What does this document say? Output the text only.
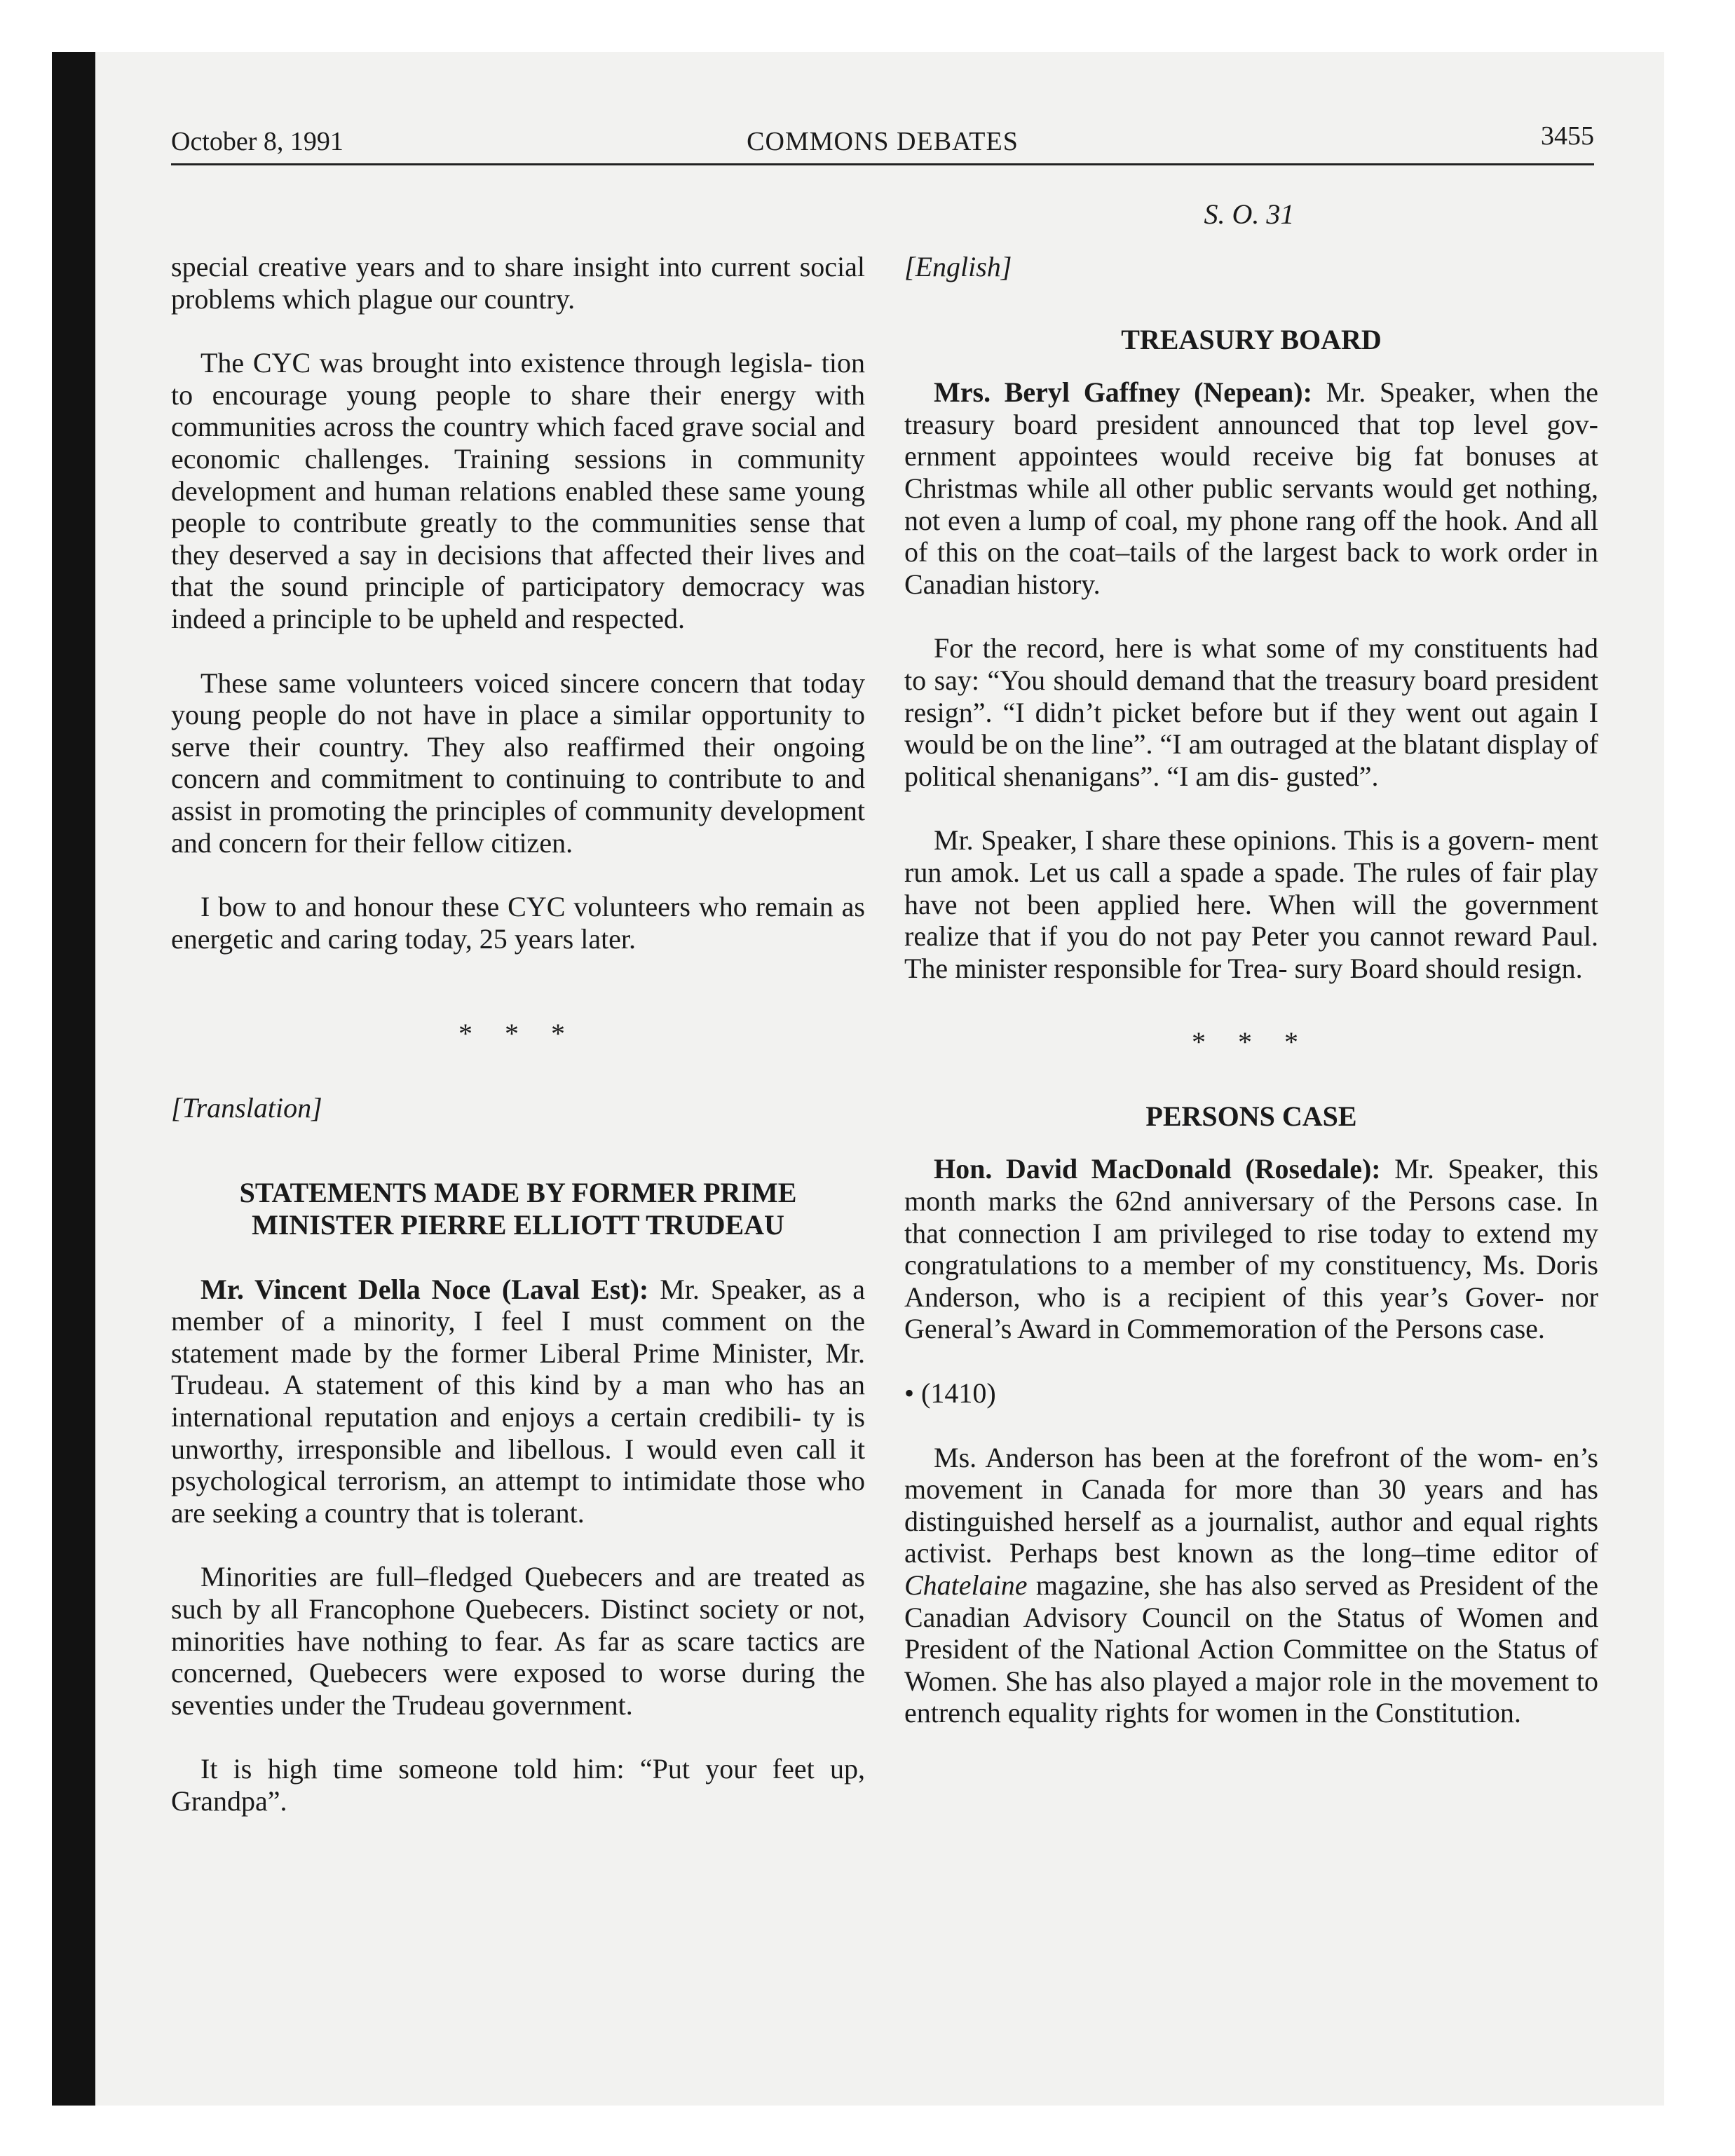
October 8, 1991	COMMONS DEBATES	3455
S. O. 31

special creative years and to share insight into current social problems which plague our country.

The CYC was brought into existence through legisla- tion to encourage young people to share their energy with communities across the country which faced grave social and economic challenges. Training sessions in community development and human relations enabled these same young people to contribute greatly to the communities sense that they deserved a say in decisions that affected their lives and that the sound principle of participatory democracy was indeed a principle to be upheld and respected.

These same volunteers voiced sincere concern that today young people do not have in place a similar opportunity to serve their country. They also reaffirmed their ongoing concern and commitment to continuing to contribute to and assist in promoting the principles of community development and concern for their fellow citizen.

I bow to and honour these CYC volunteers who remain as energetic and caring today, 25 years later.

* * *

[ Translation ]

STATEMENTS MADE BY FORMER PRIME

MINISTER PIERRE ELLIOTT TRUDEAU

Mr. Vincent Della Noce (Laval Est): Mr. Speaker, as a member of a minority, I feel I must comment on the statement made by the former Liberal Prime Minister, Mr. Trudeau. A statement of this kind by a man who has an international reputation and enjoys a certain credibili- ty is unworthy, irresponsible and libellous. I would even call it psychological terrorism, an attempt to intimidate those who are seeking a country that is tolerant.

Minorities are full–fledged Quebecers and are treated as such by all Francophone Quebecers. Distinct society or not, minorities have nothing to fear. As far as scare tactics are concerned, Quebecers were exposed to worse during the seventies under the Trudeau government.

It is high time someone told him: “Put your feet up, Grandpa”.

[ English ]

TREASURY BOARD

Mrs. Beryl Gaffney (Nepean): Mr. Speaker, when the treasury board president announced that top level gov- ernment appointees would receive big fat bonuses at Christmas while all other public servants would get nothing, not even a lump of coal, my phone rang off the hook. And all of this on the coat–tails of the largest back to work order in Canadian history.

For the record, here is what some of my constituents had to say: “You should demand that the treasury board president resign”. “I didn’t picket before but if they went out again I would be on the line”. “I am outraged at the blatant display of political shenanigans”. “I am dis- gusted”.

Mr. Speaker, I share these opinions. This is a govern- ment run amok. Let us call a spade a spade. The rules of fair play have not been applied here. When will the government realize that if you do not pay Peter you cannot reward Paul. The minister responsible for Trea- sury Board should resign.

* * *

PERSONS CASE

Hon. David MacDonald (Rosedale): Mr. Speaker, this month marks the 62nd anniversary of the Persons case. In that connection I am privileged to rise today to extend my congratulations to a member of my constituency, Ms. Doris Anderson, who is a recipient of this year’s Gover- nor General’s Award in Commemoration of the Persons case.

• (1410)

Ms. Anderson has been at the forefront of the wom- en’s movement in Canada for more than 30 years and has distinguished herself as a journalist, author and equal rights activist. Perhaps best known as the long–time editor of Chatelaine magazine, she has also served as President of the Canadian Advisory Council on the Status of Women and President of the National Action Committee on the Status of Women. She has also played a major role in the movement to entrench equality rights for women in the Constitution.
